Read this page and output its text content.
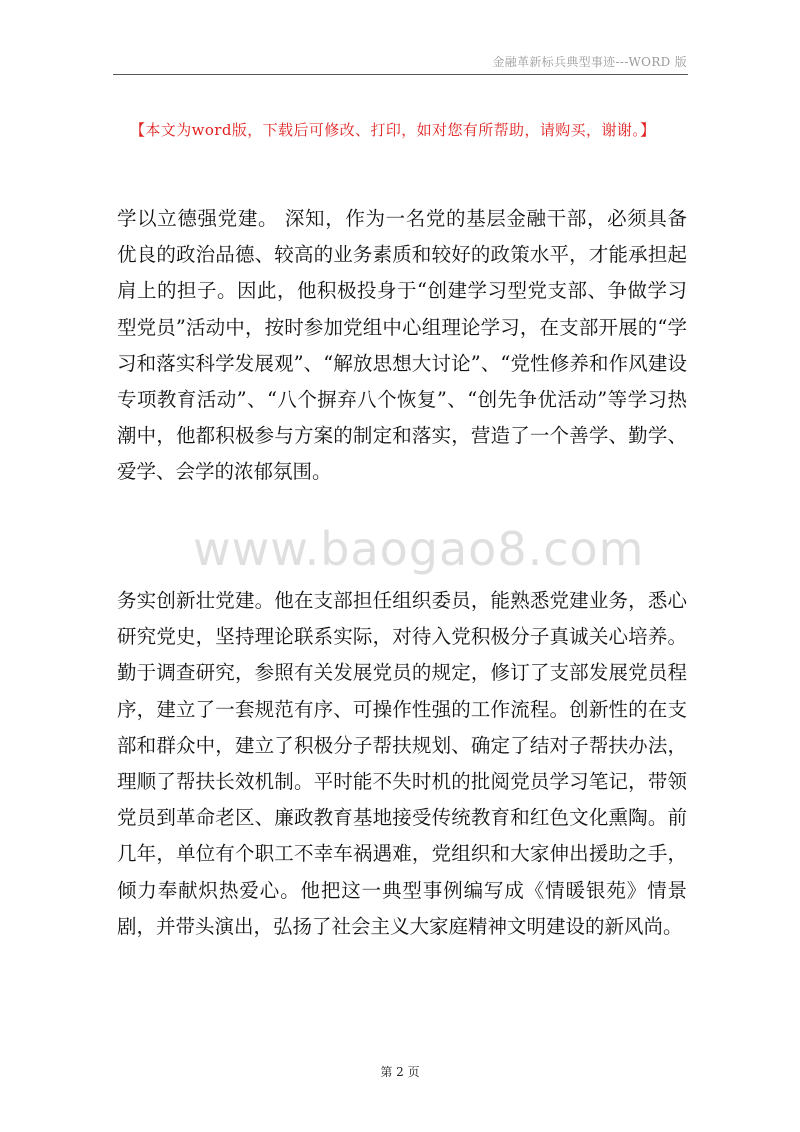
金融革新标兵典型事迹---WORD 版
【本文为word版，下载后可修改、打印，如对您有所帮助，请购买，谢谢。】

学以立德强党建。 深知，作为一名党的基层金融干部，必须具备优良的政治品德、较高的业务素质和较好的政策水平，才能承担起肩上的担子。因此，他积极投身于“创建学习型党支部、争做学习型党员”活动中，按时参加党组中心组理论学习，在支部开展的“学习和落实科学发展观”、“解放思想大讨论”、“党性修养和作风建设专项教育活动”、“八个摒弃八个恢复”、“创先争优活动”等学习热潮中，他都积极参与方案的制定和落实，营造了一个善学、勤学、爱学、会学的浓郁氛围。

www.baogao8.com

务实创新壮党建。他在支部担任组织委员，能熟悉党建业务，悉心研究党史，坚持理论联系实际，对待入党积极分子真诚关心培养。勤于调查研究，参照有关发展党员的规定，修订了支部发展党员程序，建立了一套规范有序、可操作性强的工作流程。创新性的在支部和群众中，建立了积极分子帮扶规划、确定了结对子帮扶办法，理顺了帮扶长效机制。平时能不失时机的批阅党员学习笔记，带领党员到革命老区、廉政教育基地接受传统教育和红色文化熏陶。前几年，单位有个职工不幸车祸遇难，党组织和大家伸出援助之手，倾力奉献炽热爱心。他把这一典型事例编写成《情暖银苑》情景剧，并带头演出，弘扬了社会主义大家庭精神文明建设的新风尚。

第 2 页
